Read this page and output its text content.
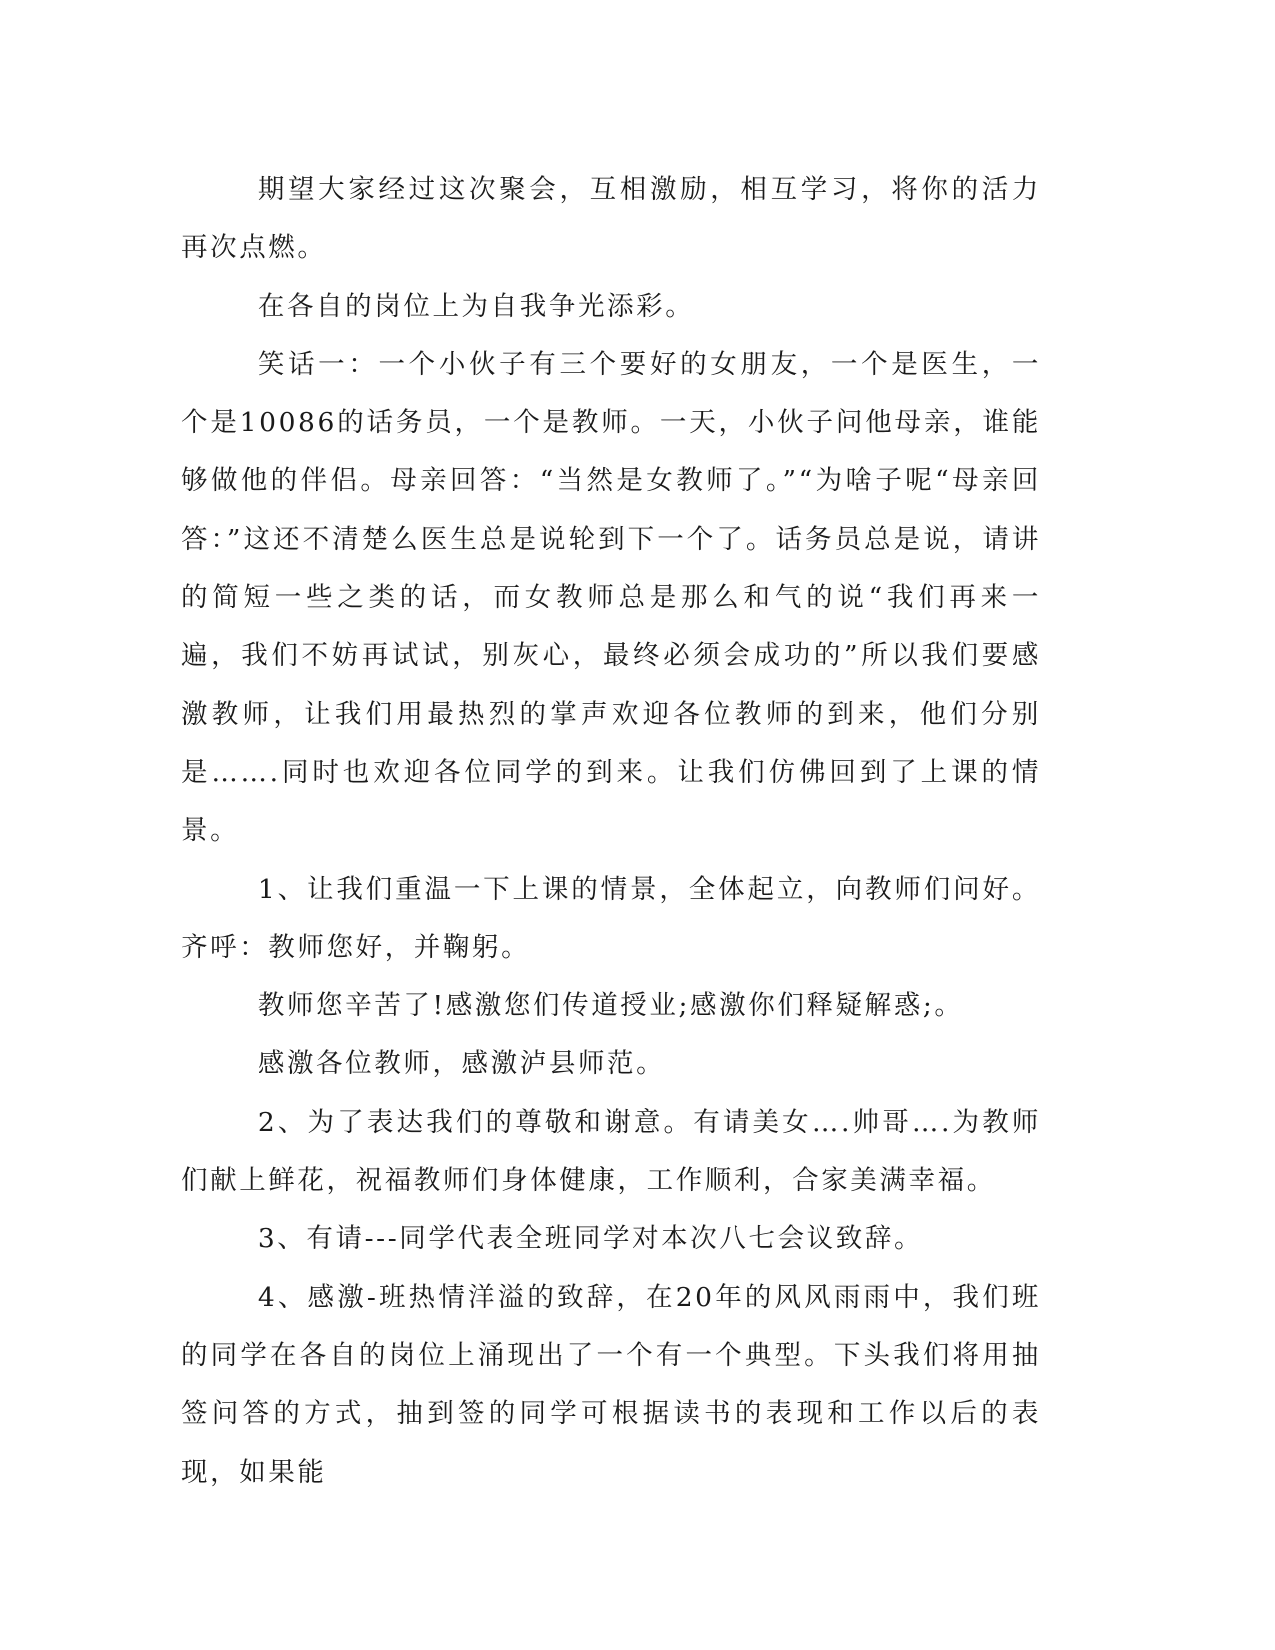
期望大家经过这次聚会，互相激励，相互学习，将你的活力再次点燃。

在各自的岗位上为自我争光添彩。

笑话一：一个小伙子有三个要好的女朋友，一个是医生，一个是10086的话务员，一个是教师。一天，小伙子问他母亲，谁能够做他的伴侣。母亲回答：“当然是女教师了。”“为啥子呢“母亲回答：”这还不清楚么医生总是说轮到下一个了。话务员总是说，请讲的简短一些之类的话，而女教师总是那么和气的说“我们再来一遍，我们不妨再试试，别灰心，最终必须会成功的”所以我们要感激教师，让我们用最热烈的掌声欢迎各位教师的到来，他们分别是…….同时也欢迎各位同学的到来。让我们仿佛回到了上课的情景。

1、让我们重温一下上课的情景，全体起立，向教师们问好。齐呼：教师您好，并鞠躬。

教师您辛苦了!感激您们传道授业;感激你们释疑解惑;。

感激各位教师，感激泸县师范。

2、为了表达我们的尊敬和谢意。有请美女….帅哥….为教师们献上鲜花，祝福教师们身体健康，工作顺利，合家美满幸福。

3、有请---同学代表全班同学对本次八七会议致辞。

4、感激-班热情洋溢的致辞，在20年的风风雨雨中，我们班的同学在各自的岗位上涌现出了一个有一个典型。下头我们将用抽签问答的方式，抽到签的同学可根据读书的表现和工作以后的表现，如果能
